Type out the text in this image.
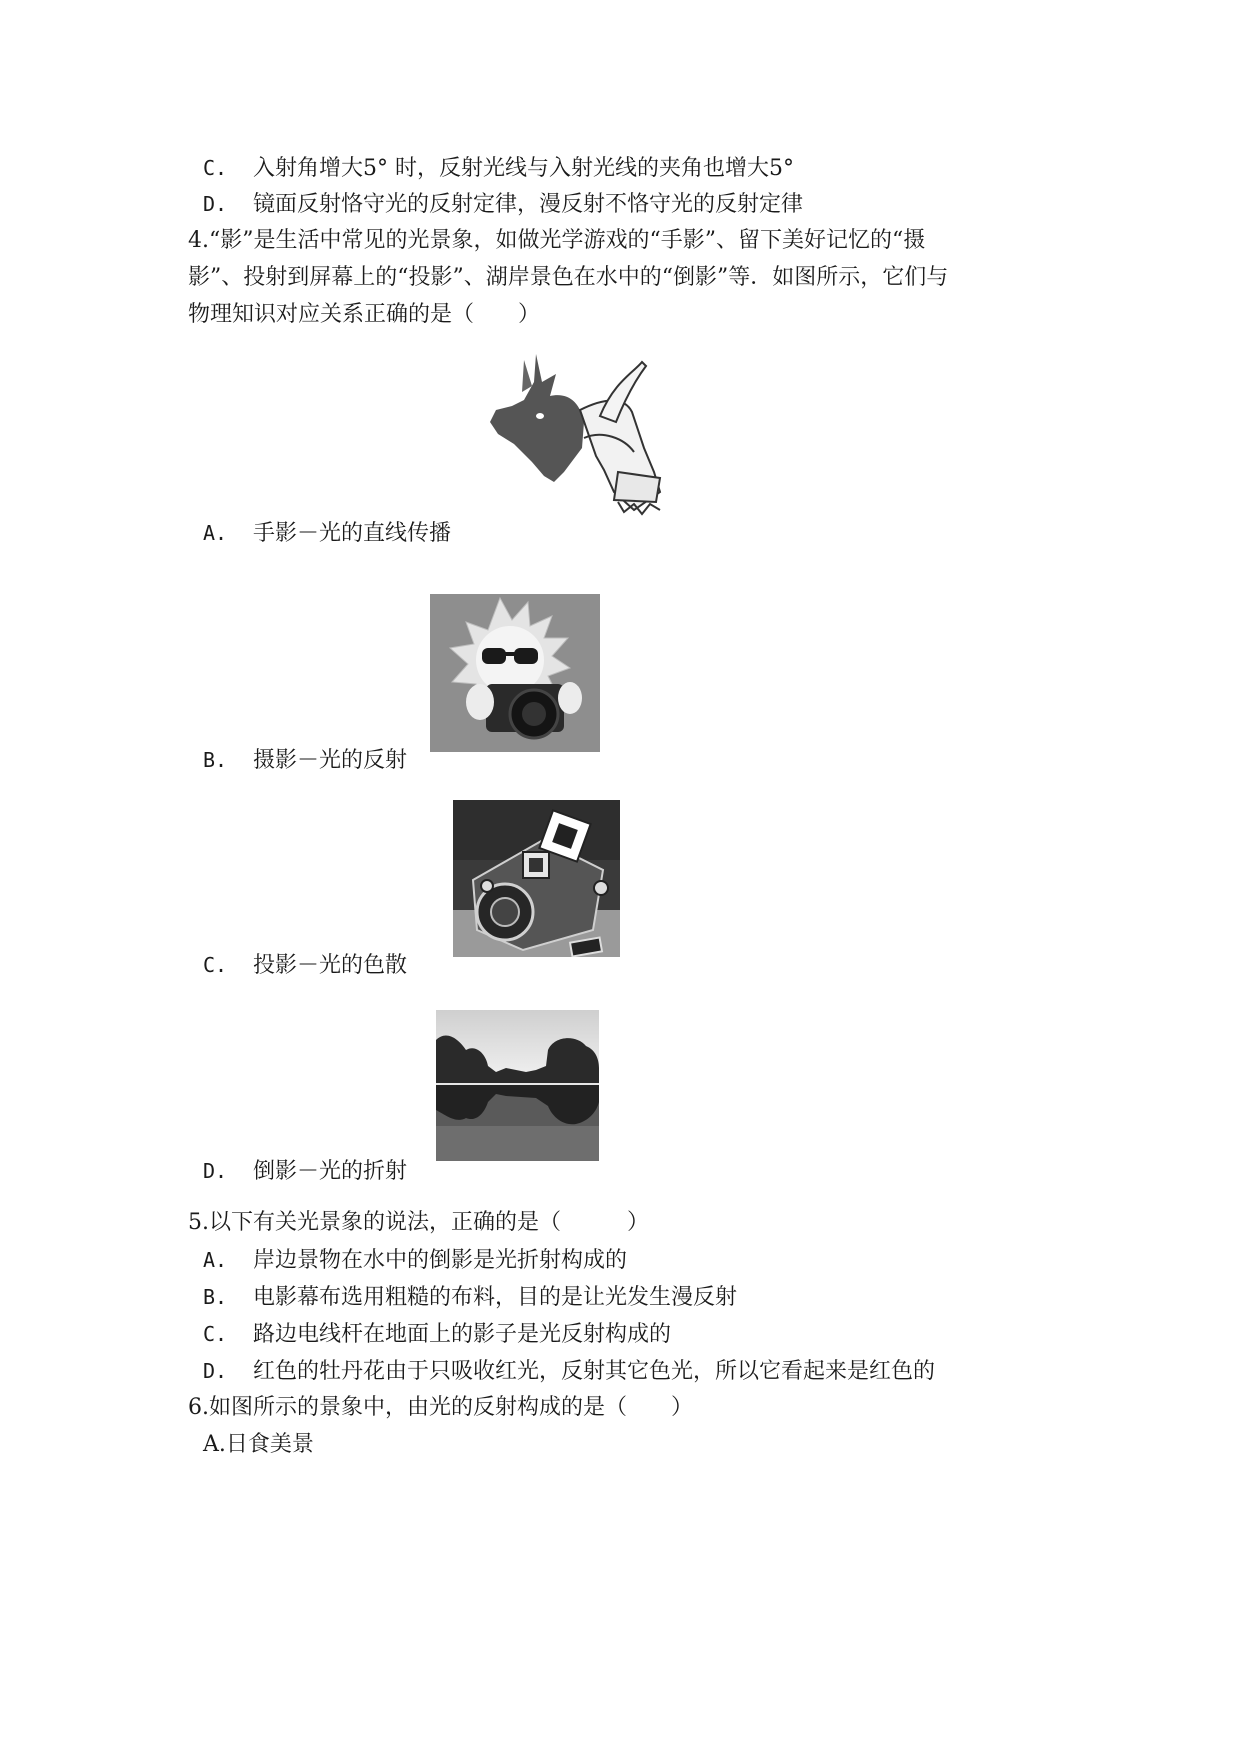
C. 入射角增大5° 时，反射光线与入射光线的夹角也增大5°
D. 镜面反射恪守光的反射定律，漫反射不恪守光的反射定律
4.“影”是生活中常见的光景象，如做光学游戏的“手影”、留下美好记忆的“摄
影”、投射到屏幕上的“投影”、湖岸景色在水中的“倒影”等．如图所示，它们与
物理知识对应关系正确的是（　　）
A. 手影－光的直线传播
B. 摄影－光的反射
C. 投影－光的色散
D. 倒影－光的折射
5.以下有关光景象的说法，正确的是（　　　）
A. 岸边景物在水中的倒影是光折射构成的
B. 电影幕布选用粗糙的布料，目的是让光发生漫反射
C. 路边电线杆在地面上的影子是光反射构成的
D. 红色的牡丹花由于只吸收红光，反射其它色光，所以它看起来是红色的
6.如图所示的景象中，由光的反射构成的是（　　）
A.日食美景
